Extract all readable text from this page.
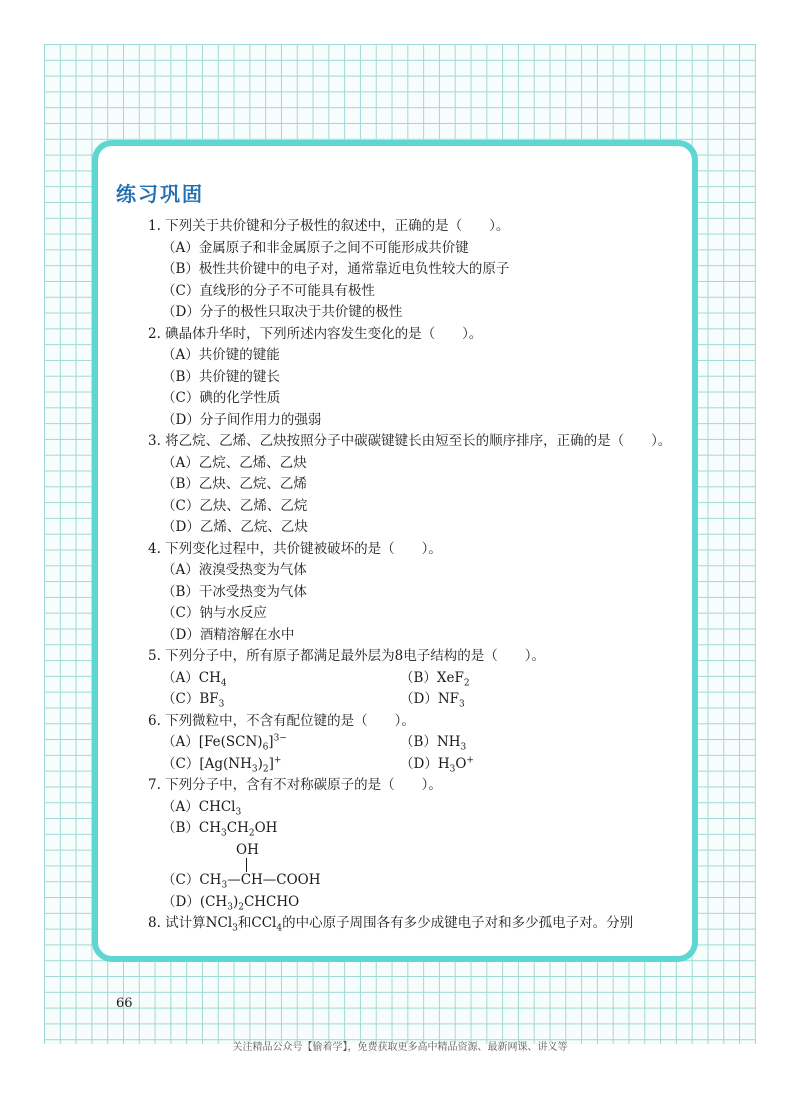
练习巩固
1. 下列关于共价键和分子极性的叙述中，正确的是（　　）。
（A）金属原子和非金属原子之间不可能形成共价键
（B）极性共价键中的电子对，通常靠近电负性较大的原子
（C）直线形的分子不可能具有极性
（D）分子的极性只取决于共价键的极性
2. 碘晶体升华时，下列所述内容发生变化的是（　　）。
（A）共价键的键能
（B）共价键的键长
（C）碘的化学性质
（D）分子间作用力的强弱
3. 将乙烷、乙烯、乙炔按照分子中碳碳键键长由短至长的顺序排序，正确的是（　　）。
（A）乙烷、乙烯、乙炔
（B）乙炔、乙烷、乙烯
（C）乙炔、乙烯、乙烷
（D）乙烯、乙烷、乙炔
4. 下列变化过程中，共价键被破坏的是（　　）。
（A）液溴受热变为气体
（B）干冰受热变为气体
（C）钠与水反应
（D）酒精溶解在水中
5. 下列分子中，所有原子都满足最外层为8电子结构的是（　　）。
$(A)CH_4$	（B）XeF$_2$
$(C)BF_3$	$(D)NF_3$
6. 下列微粒中，不含有配位键的是（　　）。
$(A)[Fe(SCN)_6]^{3-}$	$(B)NH_3$
$(C)[Ag(NH_3)_2]^+$	$(D)H_3O^+$
7. 下列分子中，含有不对称碳原子的是（　　）。
（A）CHCl$_3$
$(B)CH_3CH_2OH$
OH
$(C)CH_3—CH—COOH$
$(D)(CH_3)_2CHCHO$
8. 试计算NCl$_3$和CCl$_4$的中心原子周围各有多少成键电子对和多少孤电子对。分别
66
关注精品公众号【偷着学】，免费获取更多高中精品资源、最新网课、讲义等
